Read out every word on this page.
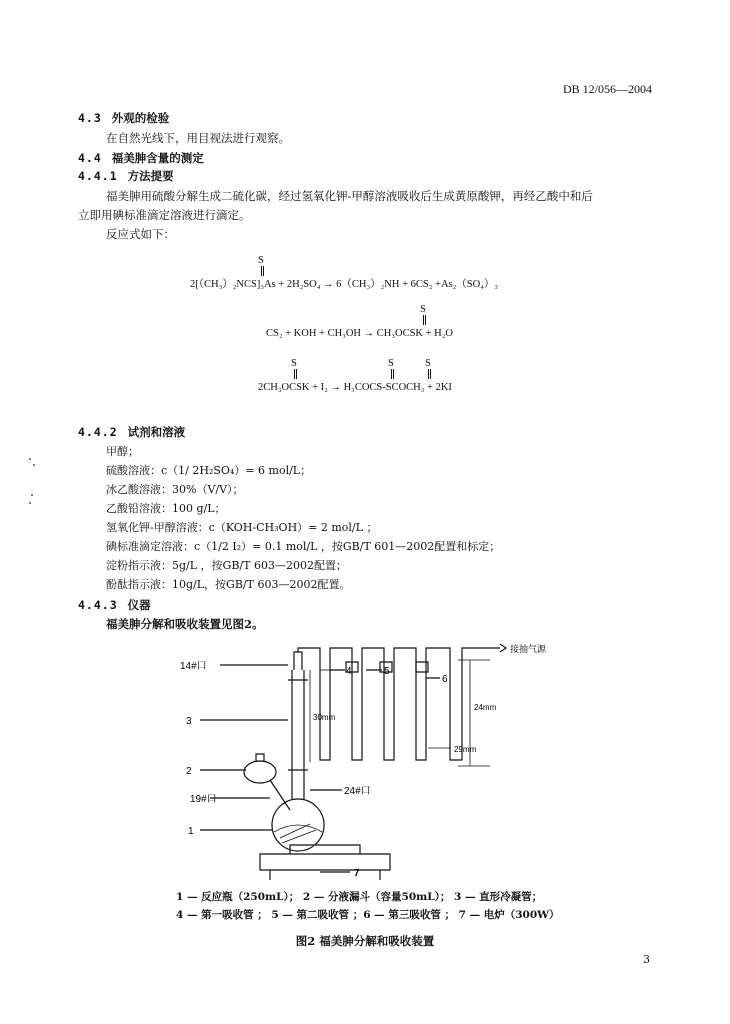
DB 12/056—2004
4.3 外观的检验
在自然光线下，用目视法进行观察。
4.4 福美胂含量的测定
4.4.1 方法提要
福美胂用硫酸分解生成二硫化碳，经过氢氧化钾-甲醇溶液吸收后生成黄原酸钾，再经乙酸中和后
立即用碘标准滴定溶液进行滴定。
反应式如下：
S
2[（CH₃）₂NCS]₃As + 2H₂SO₄ → 6（CH₃）₂NH + 6CS₂ +As₂（SO₄）₃
S
CS₂ + KOH + CH₃OH → CH₃OCSK + H₂O
S	S	S
2CH₃OCSK + I₂ → H₃COCS-SCOCH₃ + 2KI
4.4.2 试剂和溶液
甲醇；
硫酸溶液：c（1/ 2H₂SO₄）= 6 mol/L；
冰乙酸溶液：30%（V/V）；
乙酸铅溶液：100 g/L；
氢氧化钾-甲醇溶液：c（KOH-CH₃OH）= 2 mol/L ；
碘标准滴定溶液：c（1/2 I₂）= 0.1 mol/L ，按GB/T 601—2002配置和标定；
淀粉指示液：5g/L ，按GB/T 603—2002配置；
酚酞指示液：10g/L，按GB/T 603—2002配置。
4.4.3 仪器
福美胂分解和吸收装置见图2。
14#口
3
2
19#口
1
24#口
4	5
6
7
30mm
24mm
29mm
接抽气源
1 — 反应瓶（250mL）； 2 — 分液漏斗（容量50mL）； 3 — 直形冷凝管；
4 — 第一吸收管 ； 5 — 第二吸收管 ；6 — 第三吸收管 ； 7 — 电炉（300W）
图2 福美胂分解和吸收装置
3
